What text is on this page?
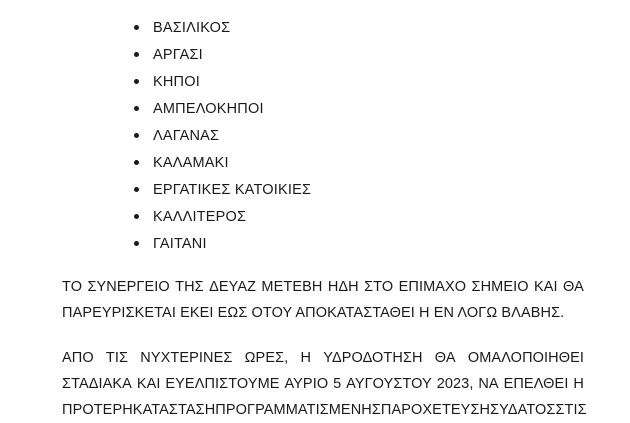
ΒΑΣΙΛΙΚΟΣ
ΑΡΓΑΣΙ
ΚΗΠΟΙ
ΑΜΠΕΛΟΚΗΠΟΙ
ΛΑΓΑΝΑΣ
ΚΑΛΑΜΑΚΙ
ΕΡΓΑΤΙΚΕΣ ΚΑΤΟΙΚΙΕΣ
ΚΑΛΛΙΤΕΡΟΣ
ΓΑΙΤΑΝΙ

ΤΟ ΣΥΝΕΡΓΕΙΟ ΤΗΣ ΔΕΥΑΖ ΜΕΤΕΒΗ ΗΔΗ ΣΤΟ ΕΠΙΜΑΧΟ ΣΗΜΕΙΟ ΚΑΙ ΘΑ
ΠΑΡΕΥΡΙΣΚΕΤΑΙ ΕΚΕΙ ΕΩΣ ΟΤΟΥ ΑΠΟΚΑΤΑΣΤΑΘΕΙ Η ΕΝ ΛΟΓΩ ΒΛΑΒΗΣ.

ΑΠΟ ΤΙΣ ΝΥΧΤΕΡΙΝΕΣ ΩΡΕΣ, Η ΥΔΡΟΔΟΤΗΣΗ ΘΑ ΟΜΑΛΟΠΟΙΗΘΕΙ
ΣΤΑΔΙΑΚΑ ΚΑΙ ΕΥΕΛΠΙΣΤΟΥΜΕ ΑΥΡΙΟ 5 ΑΥΓΟΥΣΤΟΥ 2023, ΝΑ ΕΠΕΛΘΕΙ Η
ΠΡΟΤΕΡΗ ΚΑΤΑΣΤΑΣΗ ΠΡΟΓΡΑΜΜΑΤΙΣΜΕΝΗΣ ΠΑΡΟΧΕΤΕΥΣΗΣ ΥΔΑΤΟΣ ΣΤΙΣ
